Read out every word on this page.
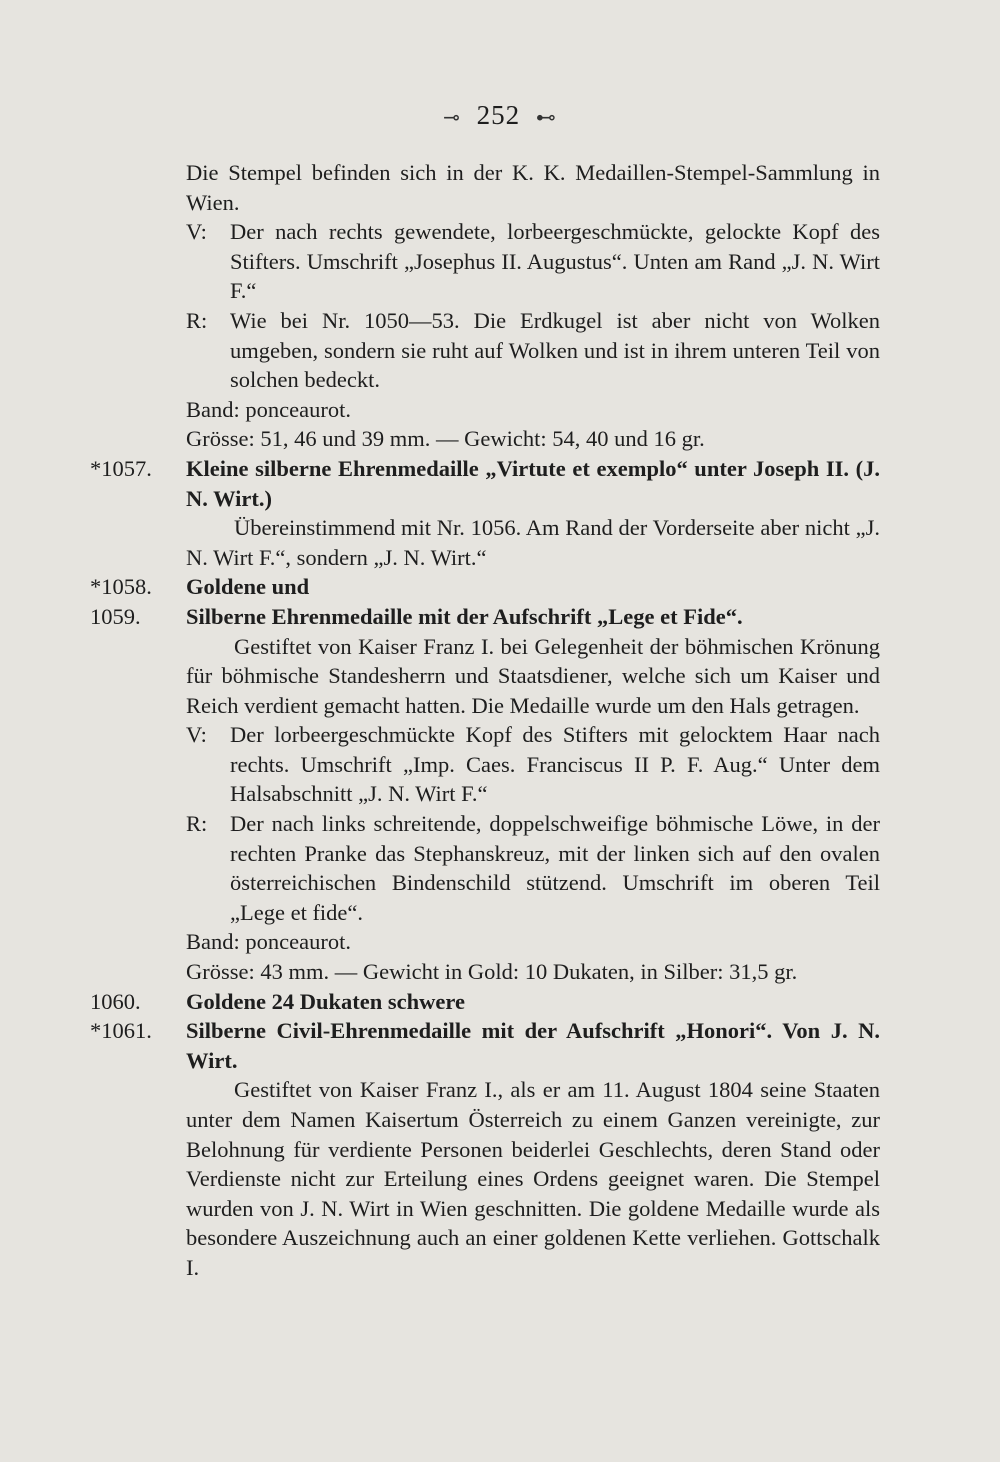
⊸ 252 ⊷
Die Stempel befinden sich in der K. K. Medaillen-Stempel-Sammlung in Wien.
V:	Der nach rechts gewendete, lorbeergeschmückte, gelockte Kopf des Stifters. Umschrift „Josephus II. Augustus“. Unten am Rand „J. N. Wirt F.“
R:	Wie bei Nr. 1050—53. Die Erdkugel ist aber nicht von Wolken umgeben, sondern sie ruht auf Wolken und ist in ihrem unteren Teil von solchen bedeckt.
Band: ponceaurot.
Grösse: 51, 46 und 39 mm. — Gewicht: 54, 40 und 16 gr.
*1057.	Kleine silberne Ehrenmedaille „Virtute et exemplo“ unter Joseph II. (J. N. Wirt.)
Übereinstimmend mit Nr. 1056. Am Rand der Vorderseite aber nicht „J. N. Wirt F.“, sondern „J. N. Wirt.“
*1058.	Goldene und
1059.	Silberne Ehrenmedaille mit der Aufschrift „Lege et Fide“.
Gestiftet von Kaiser Franz I. bei Gelegenheit der böhmischen Krönung für böhmische Standesherrn und Staatsdiener, welche sich um Kaiser und Reich verdient gemacht hatten. Die Medaille wurde um den Hals getragen.
V:	Der lorbeergeschmückte Kopf des Stifters mit gelocktem Haar nach rechts. Umschrift „Imp. Caes. Franciscus II P. F. Aug.“ Unter dem Halsabschnitt „J. N. Wirt F.“
R:	Der nach links schreitende, doppelschweifige böhmische Löwe, in der rechten Pranke das Stephanskreuz, mit der linken sich auf den ovalen österreichischen Bindenschild stützend. Umschrift im oberen Teil „Lege et fide“.
Band: ponceaurot.
Grösse: 43 mm. — Gewicht in Gold: 10 Dukaten, in Silber: 31,5 gr.
1060.	Goldene 24 Dukaten schwere
*1061.	Silberne Civil-Ehrenmedaille mit der Aufschrift „Honori“. Von J. N. Wirt.
Gestiftet von Kaiser Franz I., als er am 11. August 1804 seine Staaten unter dem Namen Kaisertum Österreich zu einem Ganzen vereinigte, zur Belohnung für verdiente Personen beiderlei Geschlechts, deren Stand oder Verdienste nicht zur Erteilung eines Ordens geeignet waren. Die Stempel wurden von J. N. Wirt in Wien geschnitten. Die goldene Medaille wurde als besondere Auszeichnung auch an einer goldenen Kette verliehen. Gottschalk I.
